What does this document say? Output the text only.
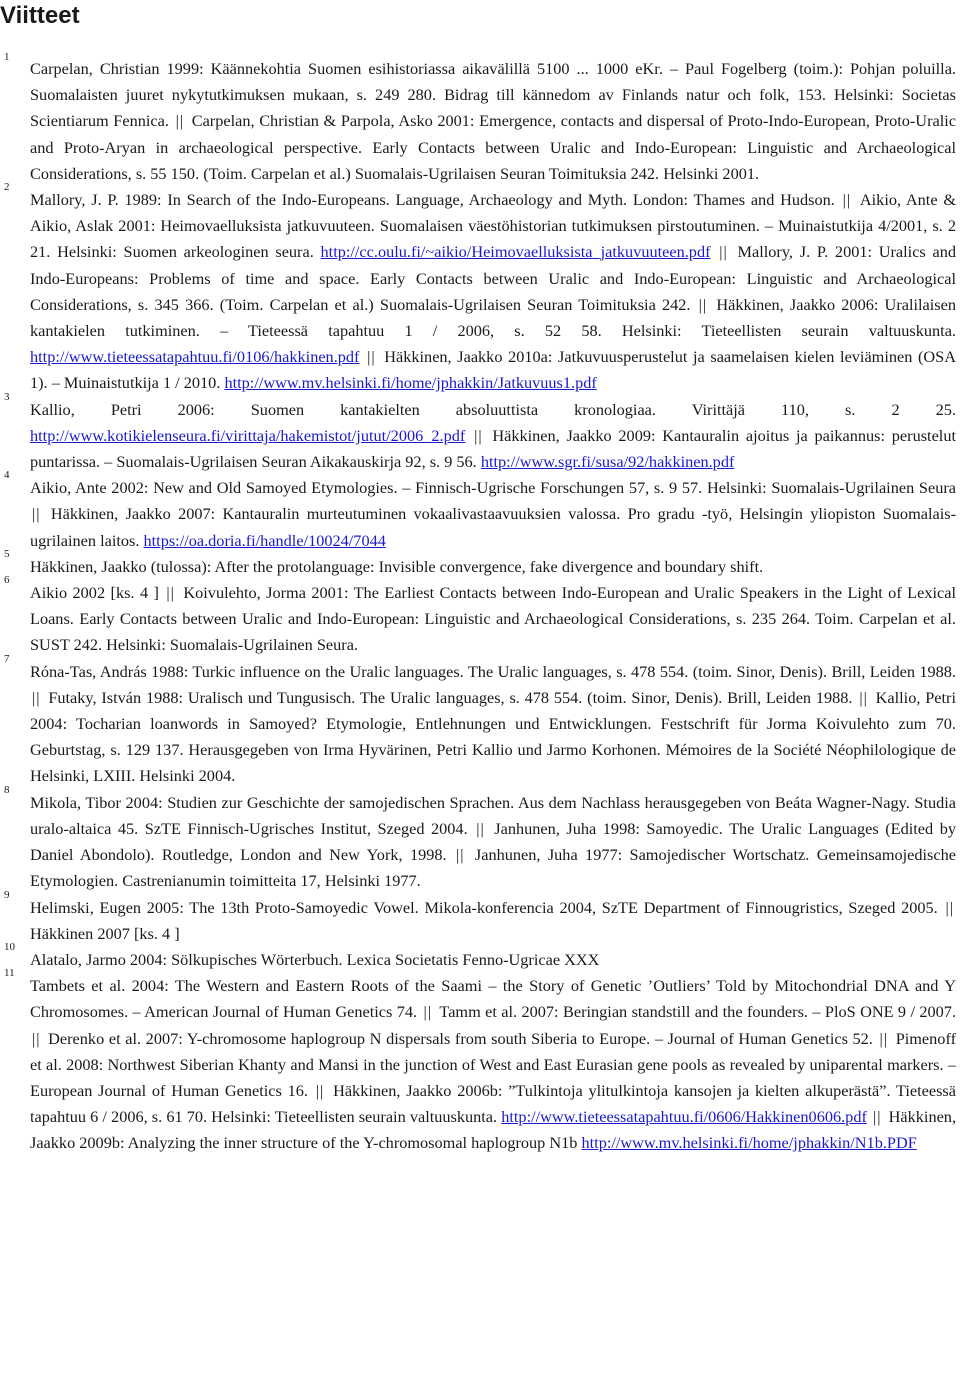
Viitteet

1
Carpelan, Christian 1999: Käännekohtia Suomen esihistoriassa aikavälillä 5100 ... 1000 eKr. – Paul Fogelberg (toim.): Pohjan poluilla. Suomalaisten juuret nykytutkimuksen mukaan, s. 249 280. Bidrag till kännedom av Finlands natur och folk, 153. Helsinki: Societas Scientiarum Fennica. || Carpelan, Christian & Parpola, Asko 2001: Emergence, contacts and dispersal of Proto-Indo-European, Proto-Uralic and Proto-Aryan in archaeological perspective. Early Contacts between Uralic and Indo-European: Linguistic and Archaeological Considerations, s. 55 150. (Toim. Carpelan et al.) Suomalais-Ugrilaisen Seuran Toimituksia 242. Helsinki 2001.

2
Mallory, J. P. 1989: In Search of the Indo-Europeans. Language, Archaeology and Myth. London: Thames and Hudson. || Aikio, Ante & Aikio, Aslak 2001: Heimovaelluksista jatkuvuuteen. Suomalaisen väestöhistorian tutkimuksen pirstoutuminen. – Muinaistutkija 4/2001, s. 2 21. Helsinki: Suomen arkeologinen seura. http://cc.oulu.fi/~aikio/Heimovaelluksista_jatkuvuuteen.pdf || Mallory, J. P. 2001: Uralics and Indo-Europeans: Problems of time and space. Early Contacts between Uralic and Indo-European: Linguistic and Archaeological Considerations, s. 345 366. (Toim. Carpelan et al.) Suomalais-Ugrilaisen Seuran Toimituksia 242. || Häkkinen, Jaakko 2006: Uralilaisen kantakielen tutkiminen. – Tieteessä tapahtuu 1 / 2006, s. 52 58. Helsinki: Tieteellisten seurain valtuuskunta. http://www.tieteessatapahtuu.fi/0106/hakkinen.pdf || Häkkinen, Jaakko 2010a: Jatkuvuusperustelut ja saamelaisen kielen leviäminen (OSA 1). – Muinaistutkija 1 / 2010. http://www.mv.helsinki.fi/home/jphakkin/Jatkuvuus1.pdf

3
Kallio, Petri 2006: Suomen kantakielten absoluuttista kronologiaa. Virittäjä 110, s. 2 25. http://www.kotikielenseura.fi/virittaja/hakemistot/jutut/2006_2.pdf || Häkkinen, Jaakko 2009: Kantauralin ajoitus ja paikannus: perustelut puntarissa. – Suomalais-Ugrilaisen Seuran Aikakauskirja 92, s. 9 56. http://www.sgr.fi/susa/92/hakkinen.pdf

4
Aikio, Ante 2002: New and Old Samoyed Etymologies. – Finnisch-Ugrische Forschungen 57, s. 9 57. Helsinki: Suomalais-Ugrilainen Seura || Häkkinen, Jaakko 2007: Kantauralin murteutuminen vokaalivastaavuuksien valossa. Pro gradu -työ, Helsingin yliopiston Suomalais-ugrilainen laitos. https://oa.doria.fi/handle/10024/7044

5
Häkkinen, Jaakko (tulossa): After the protolanguage: Invisible convergence, fake divergence and boundary shift.

6
Aikio 2002 [ks. 4 ] || Koivulehto, Jorma 2001: The Earliest Contacts between Indo-European and Uralic Speakers in the Light of Lexical Loans. Early Contacts between Uralic and Indo-European: Linguistic and Archaeological Considerations, s. 235 264. Toim. Carpelan et al. SUST 242. Helsinki: Suomalais-Ugrilainen Seura.

7
Róna-Tas, András 1988: Turkic influence on the Uralic languages. The Uralic languages, s. 478 554. (toim. Sinor, Denis). Brill, Leiden 1988. || Futaky, István 1988: Uralisch und Tungusisch. The Uralic languages, s. 478 554. (toim. Sinor, Denis). Brill, Leiden 1988. || Kallio, Petri 2004: Tocharian loanwords in Samoyed? Etymologie, Entlehnungen und Entwicklungen. Festschrift für Jorma Koivulehto zum 70. Geburtstag, s. 129 137. Herausgegeben von Irma Hyvärinen, Petri Kallio und Jarmo Korhonen. Mémoires de la Société Néophilologique de Helsinki, LXIII. Helsinki 2004.

8
Mikola, Tibor 2004: Studien zur Geschichte der samojedischen Sprachen. Aus dem Nachlass herausgegeben von Beáta Wagner-Nagy. Studia uralo-altaica 45. SzTE Finnisch-Ugrisches Institut, Szeged 2004. || Janhunen, Juha 1998: Samoyedic. The Uralic Languages (Edited by Daniel Abondolo). Routledge, London and New York, 1998. || Janhunen, Juha 1977: Samojedischer Wortschatz. Gemeinsamojedische Etymologien. Castrenianumin toimitteita 17, Helsinki 1977.

9
Helimski, Eugen 2005: The 13th Proto-Samoyedic Vowel. Mikola-konferencia 2004, SzTE Department of Finnougristics, Szeged 2005. || Häkkinen 2007 [ks. 4 ]

10
Alatalo, Jarmo 2004: Sölkupisches Wörterbuch. Lexica Societatis Fenno-Ugricae XXX

11
Tambets et al. 2004: The Western and Eastern Roots of the Saami – the Story of Genetic ’Outliers’ Told by Mitochondrial DNA and Y Chromosomes. – American Journal of Human Genetics 74. || Tamm et al. 2007: Beringian standstill and the founders. – PloS ONE 9 / 2007. || Derenko et al. 2007: Y-chromosome haplogroup N dispersals from south Siberia to Europe. – Journal of Human Genetics 52. || Pimenoff et al. 2008: Northwest Siberian Khanty and Mansi in the junction of West and East Eurasian gene pools as revealed by uniparental markers. – European Journal of Human Genetics 16. || Häkkinen, Jaakko 2006b: ”Tulkintoja ylitulkintoja kansojen ja kielten alkuperästä”. Tieteessä tapahtuu 6 / 2006, s. 61 70. Helsinki: Tieteellisten seurain valtuuskunta. http://www.tieteessatapahtuu.fi/0606/Hakkinen0606.pdf || Häkkinen, Jaakko 2009b: Analyzing the inner structure of the Y-chromosomal haplogroup N1b http://www.mv.helsinki.fi/home/jphakkin/N1b.PDF
